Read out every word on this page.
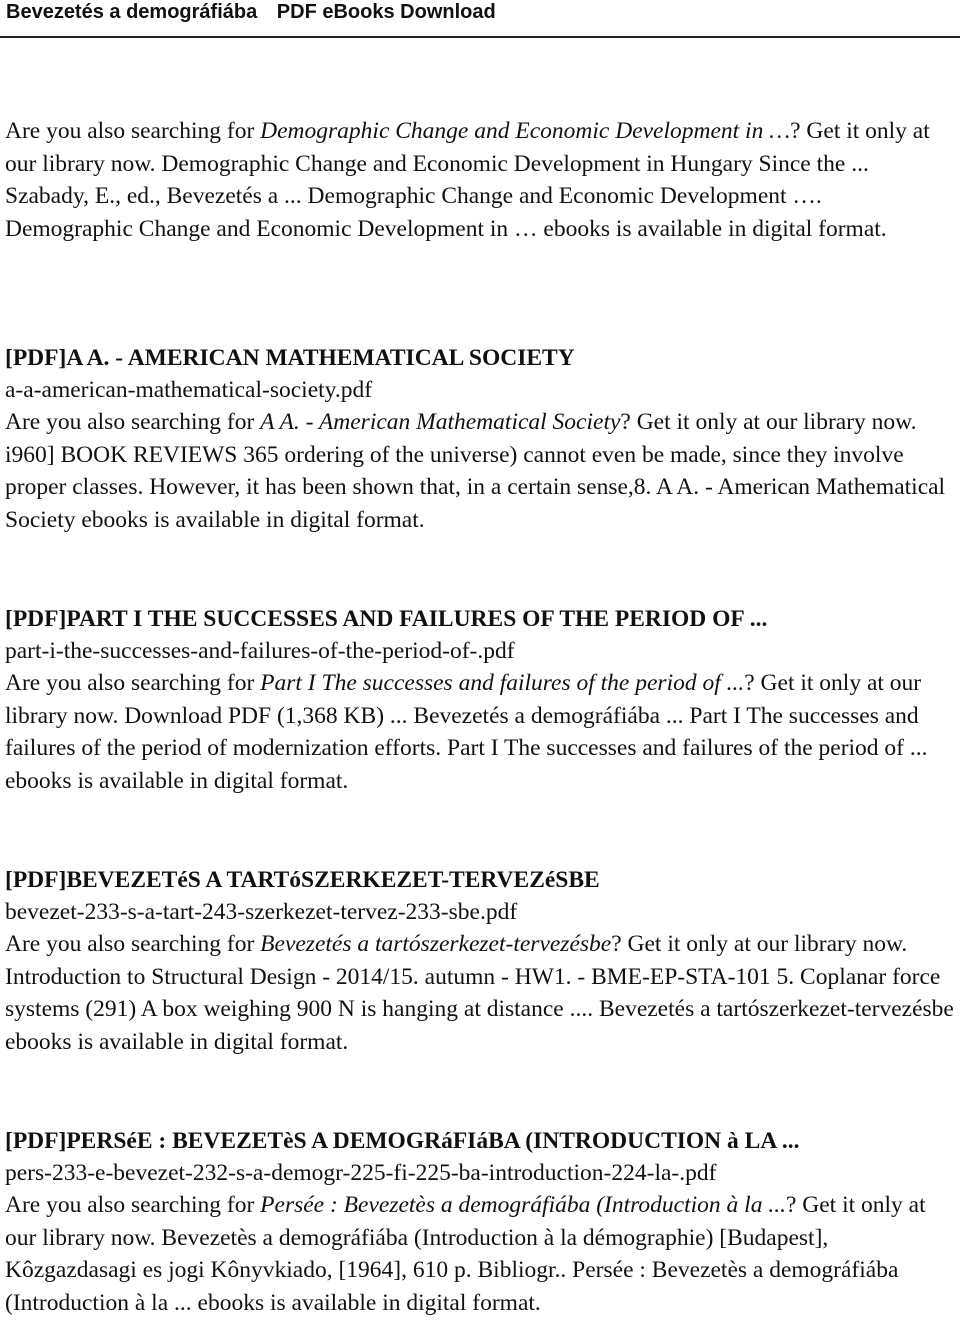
Bevezetés a demográfiába PDF eBooks Download
Are you also searching for Demographic Change and Economic Development in …? Get it only at our library now. Demographic Change and Economic Development in Hungary Since the ... Szabady, E., ed., Bevezetés a ... Demographic Change and Economic Development …. Demographic Change and Economic Development in … ebooks is available in digital format.
[PDF]A A. - AMERICAN MATHEMATICAL SOCIETY
a-a-american-mathematical-society.pdf
Are you also searching for A A. - American Mathematical Society? Get it only at our library now. i960] BOOK REVIEWS 365 ordering of the universe) cannot even be made, since they involve proper classes. However, it has been shown that, in a certain sense,8. A A. - American Mathematical Society ebooks is available in digital format.
[PDF]PART I THE SUCCESSES AND FAILURES OF THE PERIOD OF ...
part-i-the-successes-and-failures-of-the-period-of-.pdf
Are you also searching for Part I The successes and failures of the period of ...? Get it only at our library now. Download PDF (1,368 KB) ... Bevezetés a demográfiába ... Part I The successes and failures of the period of modernization efforts. Part I The successes and failures of the period of ... ebooks is available in digital format.
[PDF]BEVEZETéS A TARTóSZERKEZET-TERVEZéSBE
bevezet-233-s-a-tart-243-szerkezet-tervez-233-sbe.pdf
Are you also searching for Bevezetés a tartószerkezet-tervezésbe? Get it only at our library now. Introduction to Structural Design - 2014/15. autumn - HW1. - BME-EP-STA-101 5. Coplanar force systems (291) A box weighing 900 N is hanging at distance .... Bevezetés a tartószerkezet-tervezésbe ebooks is available in digital format.
[PDF]PERSéE : BEVEZETèS A DEMOGRáFIáBA (INTRODUCTION à LA ...
pers-233-e-bevezet-232-s-a-demogr-225-fi-225-ba-introduction-224-la-.pdf
Are you also searching for Persée : Bevezetès a demográfiába (Introduction à la ...? Get it only at our library now. Bevezetès a demográfiába (Introduction à la démographie) [Budapest], Kôzgazdasagi es jogi Kônyvkiado, [1964], 610 p. Bibliogr.. Persée : Bevezetès a demográfiába (Introduction à la ... ebooks is available in digital format.
